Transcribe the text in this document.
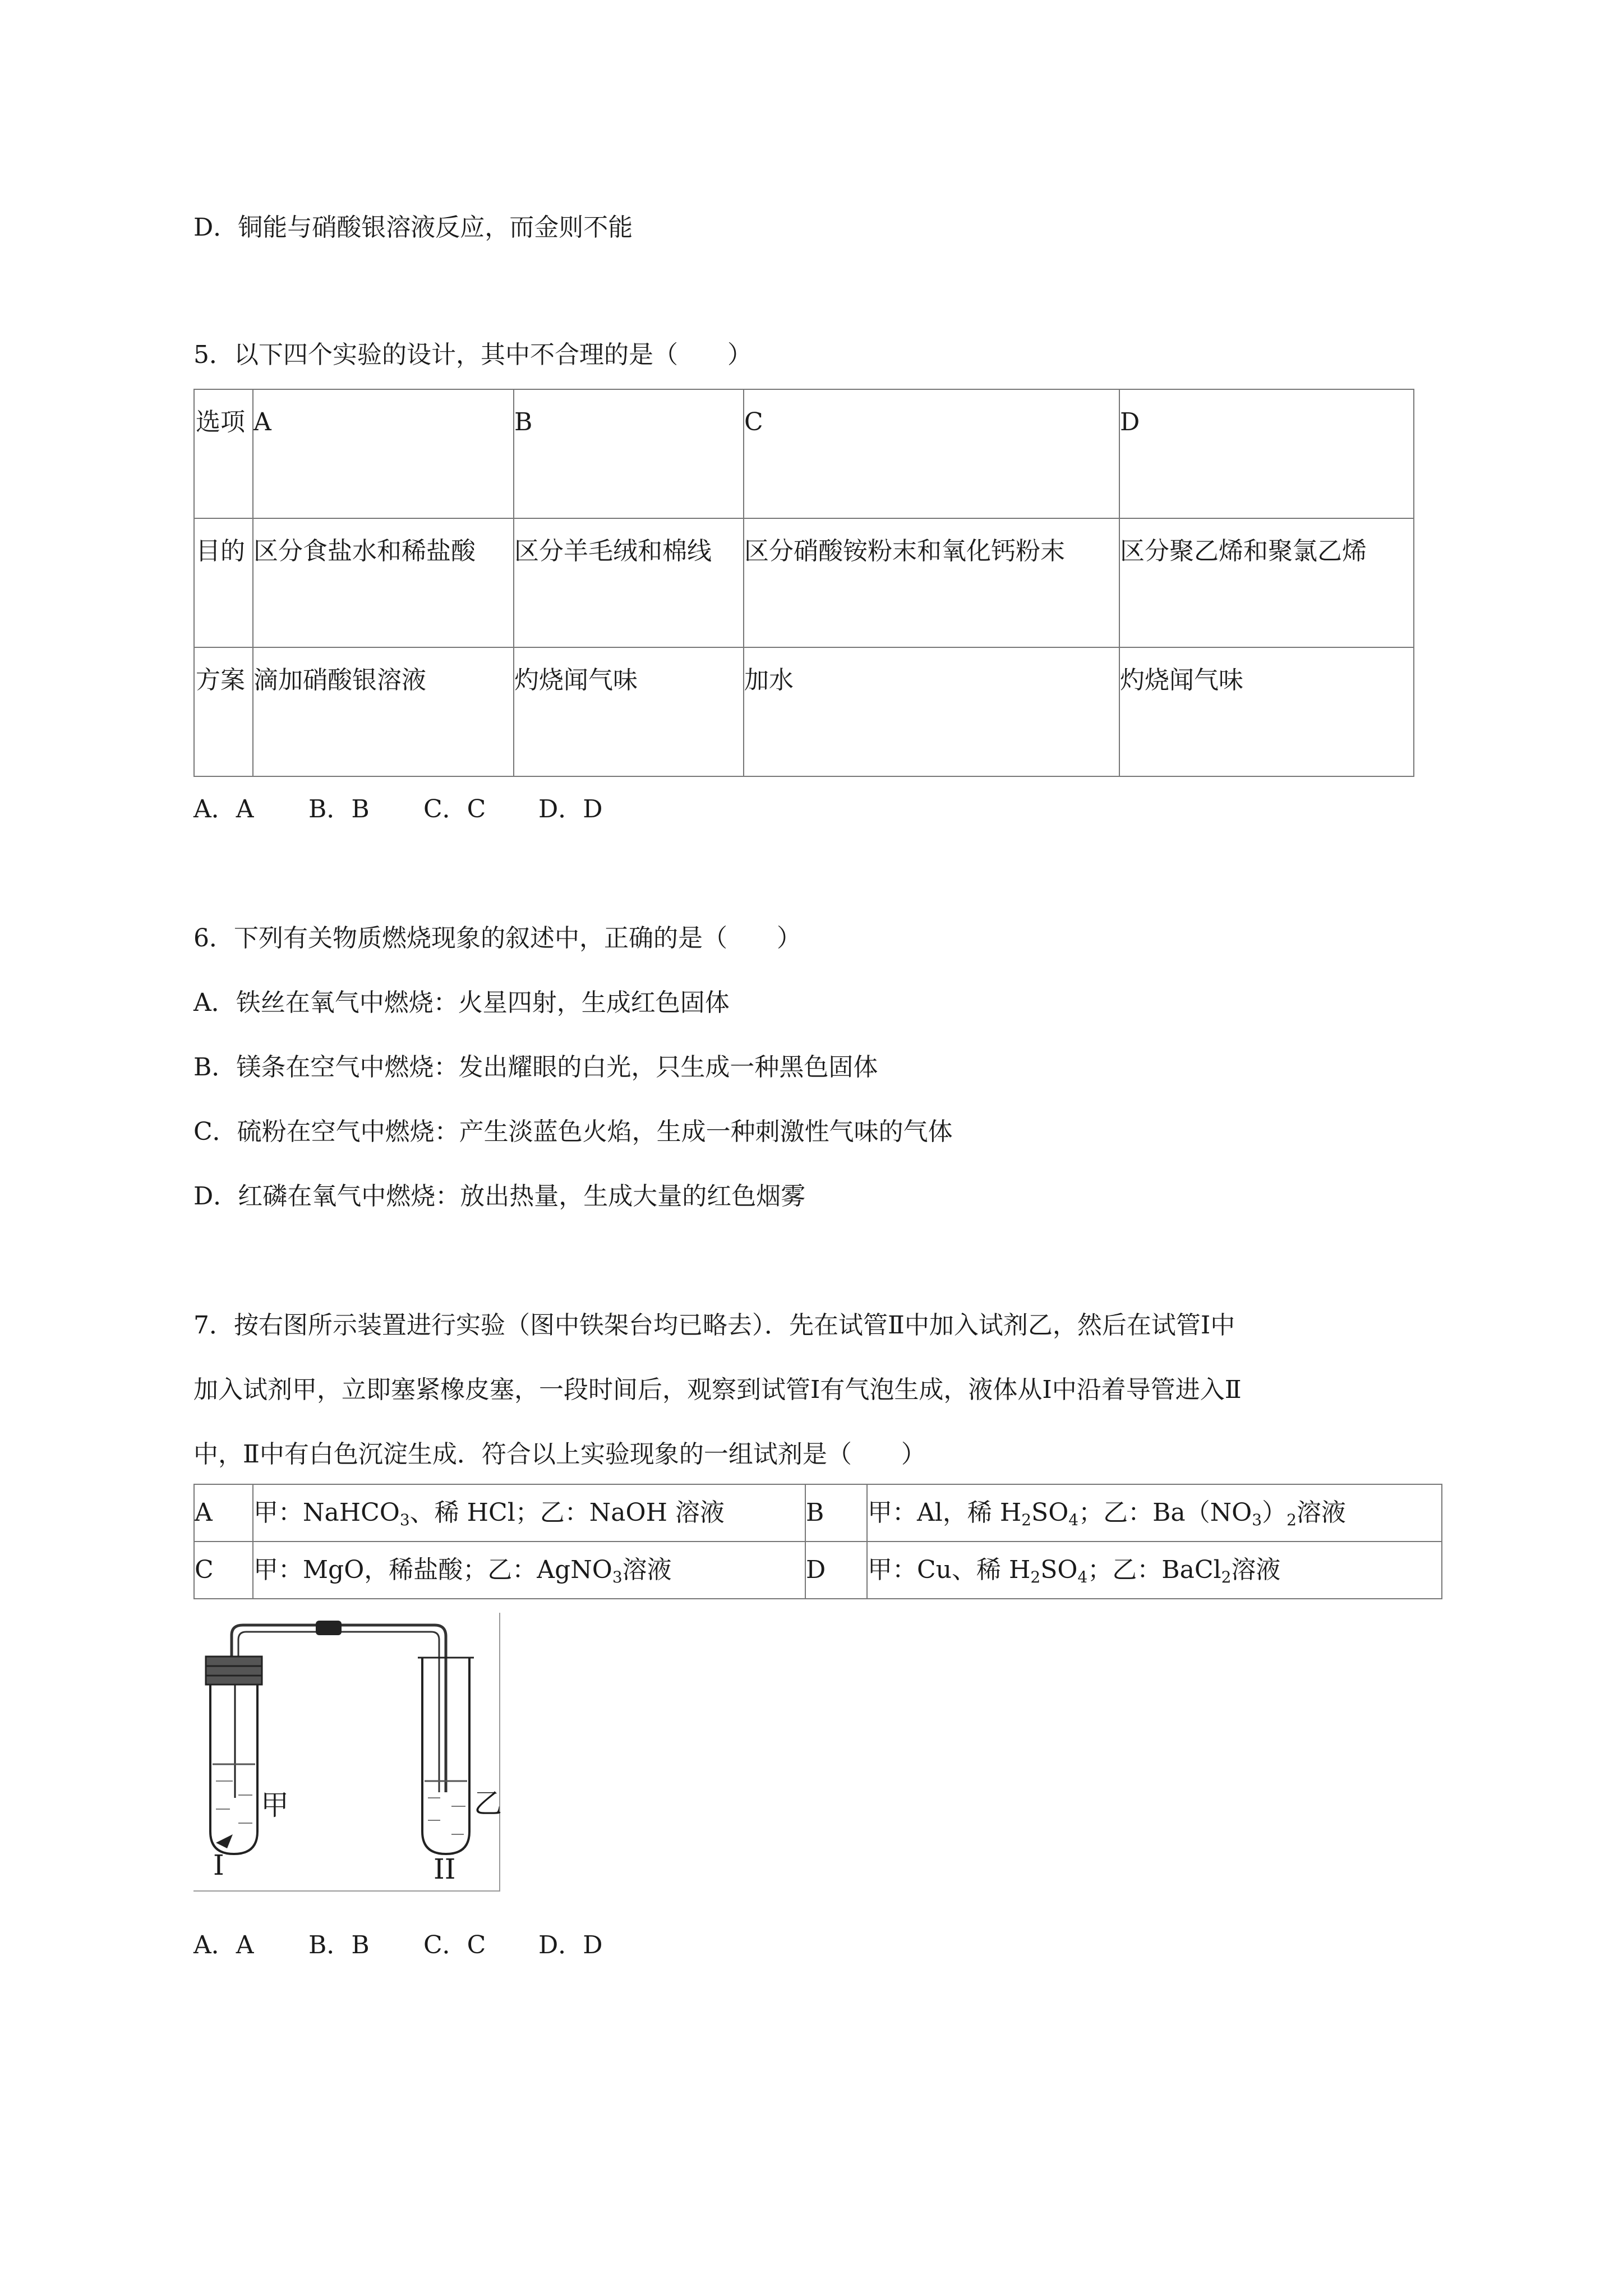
D．铜能与硝酸银溶液反应，而金则不能
5．以下四个实验的设计，其中不合理的是（　　）
选项	A	B	C	D
目的	区分食盐水和稀盐酸	区分羊毛绒和棉线	区分硝酸铵粉末和氧化钙粉末	区分聚乙烯和聚氯乙烯
方案	滴加硝酸银溶液	灼烧闻气味	加水	灼烧闻气味
A．A B．B C．C D．D
6．下列有关物质燃烧现象的叙述中，正确的是（　　）
A．铁丝在氧气中燃烧：火星四射，生成红色固体
B．镁条在空气中燃烧：发出耀眼的白光，只生成一种黑色固体
C．硫粉在空气中燃烧：产生淡蓝色火焰，生成一种刺激性气味的气体
D．红磷在氧气中燃烧：放出热量，生成大量的红色烟雾
7．按右图所示装置进行实验（图中铁架台均已略去）．先在试管Ⅱ中加入试剂乙，然后在试管Ⅰ中
加入试剂甲，立即塞紧橡皮塞，一段时间后，观察到试管Ⅰ有气泡生成，液体从Ⅰ中沿着导管进入Ⅱ
中，Ⅱ中有白色沉淀生成．符合以上实验现象的一组试剂是（　　）
A	甲：NaHCO$_3$、稀 HCl；乙：NaOH 溶液	B	甲：Al，稀 $H_2SO_4$；乙：$Ba(NO_3)_2$溶液
C	甲：MgO，稀盐酸；乙：AgNO$_3$溶液	D	甲：Cu、稀 $H_2SO_4$；乙：BaCl$_2$溶液
甲	乙
I	II
A．A B．B C．C D．D
